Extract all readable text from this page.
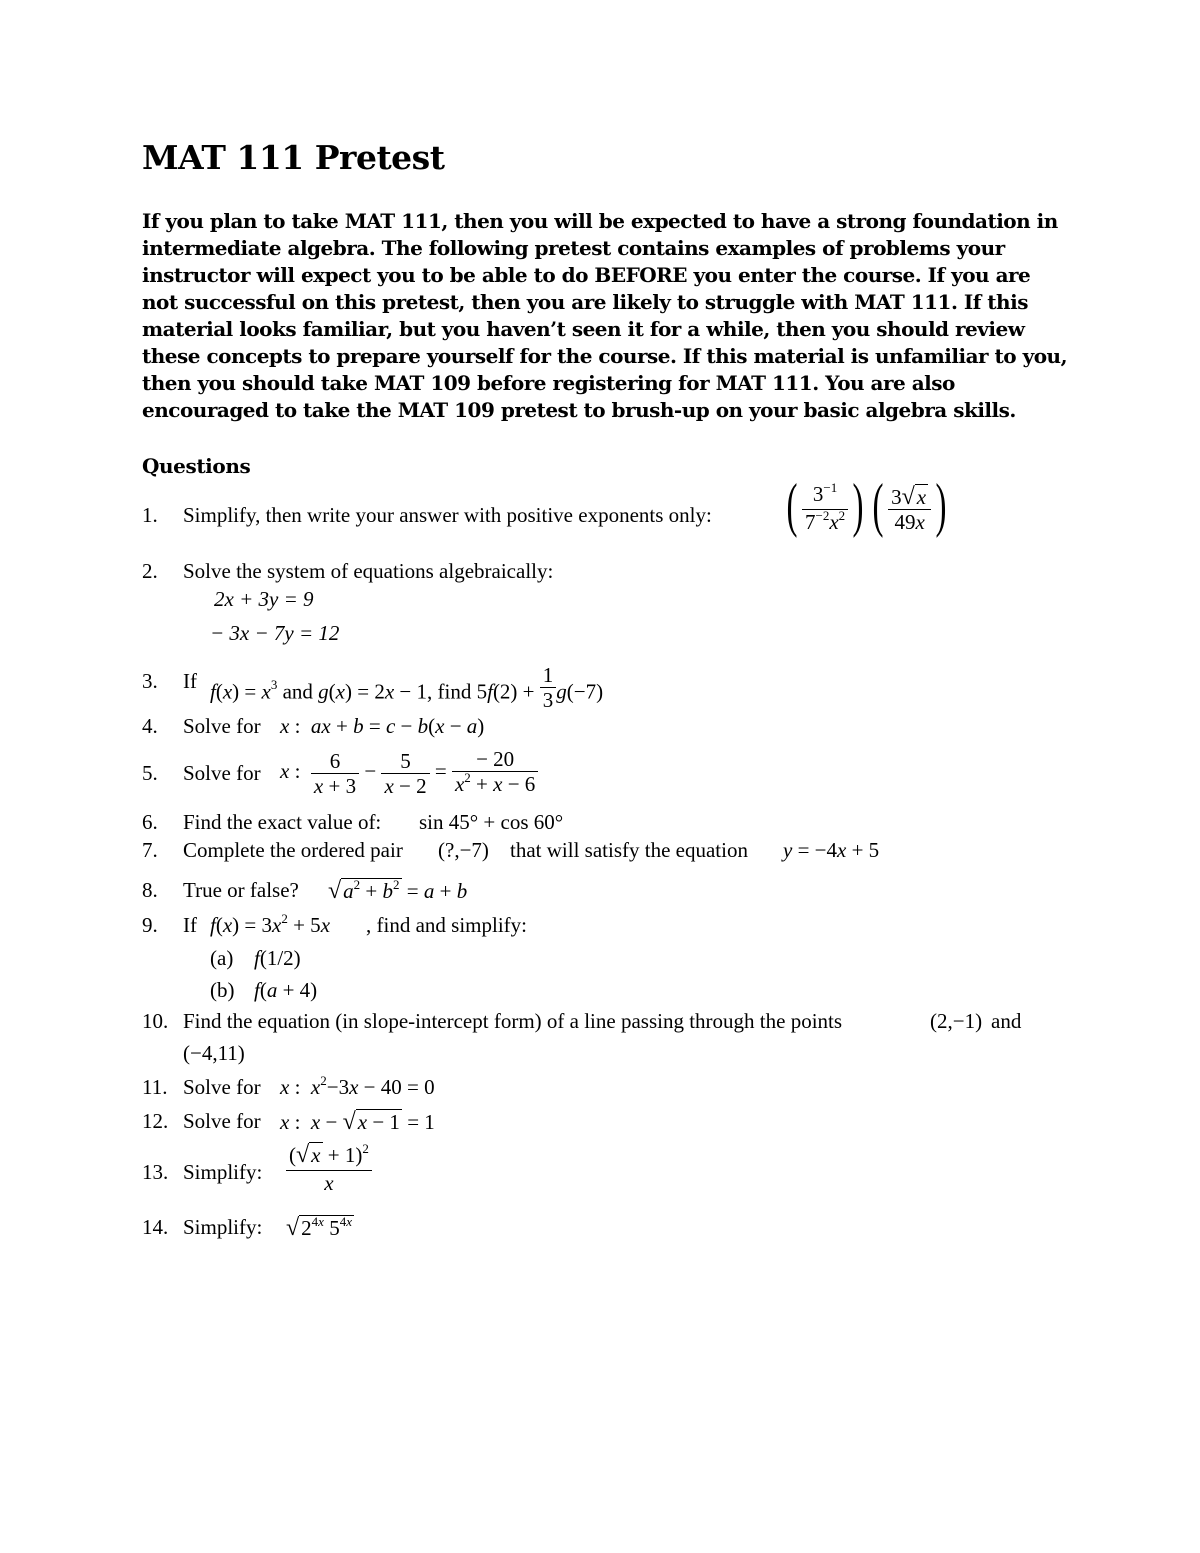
MAT 111 Pretest

If you plan to take MAT 111, then you will be expected to have a strong foundation in intermediate algebra. The following pretest contains examples of problems your instructor will expect you to be able to do BEFORE you enter the course. If you are not successful on this pretest, then you are likely to struggle with MAT 111. If this material looks familiar, but you haven’t seen it for a while, then you should review these concepts to prepare yourself for the course. If this material is unfamiliar to you, then you should take MAT 109 before registering for MAT 111. You are also encouraged to take the MAT 109 pretest to brush-up on your basic algebra skills.

Questions

1. Simplify, then write your answer with positive exponents only: ( $\frac{3^{-1}}{7^{-2}x^2}$ ) ( $\frac{3√x}{49x}$ )
2. Solve the system of equations algebraically:
2x + 3y = 9
− 3x − 7y = 12
3. If $f(x) = x^3$ and g(x) = 2x − 1, find $5f(2) + \frac{1}{3} g(-7)$
4. Solve for x :  ax + b = c − b(x − a)
5. Solve for x : $\frac{6}{x + 3} - \frac{5}{x - 2} = \frac{- 20}{x^2 + x - 6}$
6. Find the exact value of: sin 45° + cos 60°
7. Complete the ordered pair (?,−7) that will satisfy the equation y = −4x + 5
8. True or false? $√a^2 + b^2 = a + b$
9. If $f(x) = 3x^2 + 5x$ , find and simplify:
(a) f(1/2)
(b) f(a + 4)
10. Find the equation (in slope-intercept form) of a line passing through the points	(2,−1) and
(−4,11)
11. Solve for x :  $x^2-3x - 40 = 0$
12. Solve for x :  x − √x − 1 = 1
13. Simplify: $\frac{(√x + 1)^2}{x}$
14. Simplify: $√2^{4x}$ $5^{4x}$
